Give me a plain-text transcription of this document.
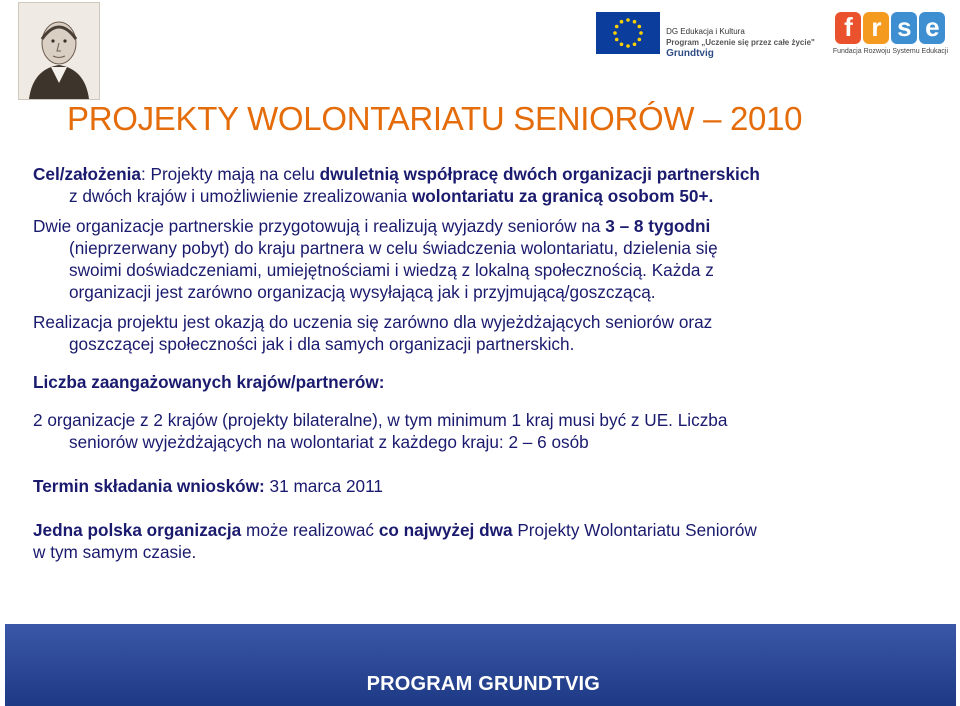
DG Edukacja i Kultura
Program „Uczenie się przez całe życie"
Grundtvig
f r s e
Fundacja Rozwoju Systemu Edukacji
PROJEKTY WOLONTARIATU SENIORÓW – 2010

Cel/założenia: Projekty mają na celu dwuletnią współpracę dwóch organizacji partnerskich

z dwóch krajów i umożliwienie zrealizowania wolontariatu za granicą osobom 50+.

Dwie organizacje partnerskie przygotowują i realizują wyjazdy seniorów na 3 – 8 tygodni

(nieprzerwany pobyt) do kraju partnera w celu świadczenia wolontariatu, dzielenia się

swoimi doświadczeniami, umiejętnościami i wiedzą z lokalną społecznością. Każda z

organizacji jest zarówno organizacją wysyłającą jak i przyjmującą/goszczącą.

Realizacja projektu jest okazją do uczenia się zarówno dla wyjeżdżających seniorów oraz

goszczącej społeczności jak i dla samych organizacji partnerskich.

Liczba zaangażowanych krajów/partnerów:

2 organizacje z 2 krajów (projekty bilateralne), w tym minimum 1 kraj musi być z UE. Liczba

seniorów wyjeżdżających na wolontariat z każdego kraju: 2 – 6 osób

Termin składania wniosków: 31 marca 2011

Jedna polska organizacja może realizować co najwyżej dwa Projekty Wolontariatu Seniorów

w tym samym czasie.

PROGRAM GRUNDTVIG
